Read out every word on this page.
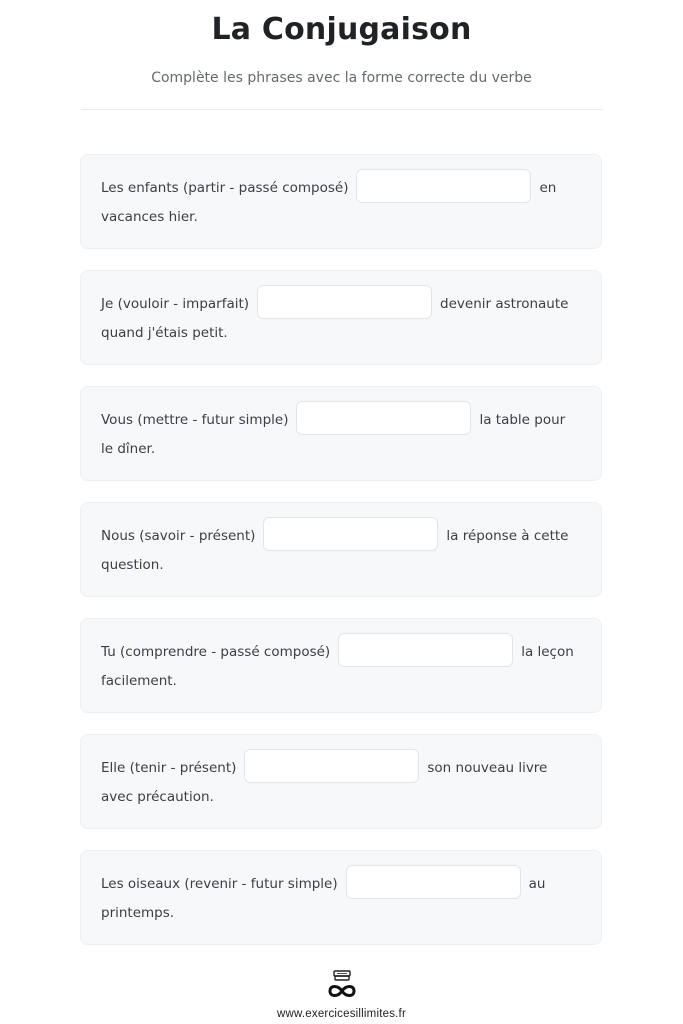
La Conjugaison

Complète les phrases avec la forme correcte du verbe

Les enfants (partir - passé composé)	en vacances hier.
Je (vouloir - imparfait)	devenir astronaute quand j'étais petit.
Vous (mettre - futur simple)	la table pour le dîner.
Nous (savoir - présent)	la réponse à cette question.
Tu (comprendre - passé composé)	la leçon facilement.
Elle (tenir - présent)	son nouveau livre avec précaution.
Les oiseaux (revenir - futur simple)	au printemps.
www.exercicesillimites.fr
